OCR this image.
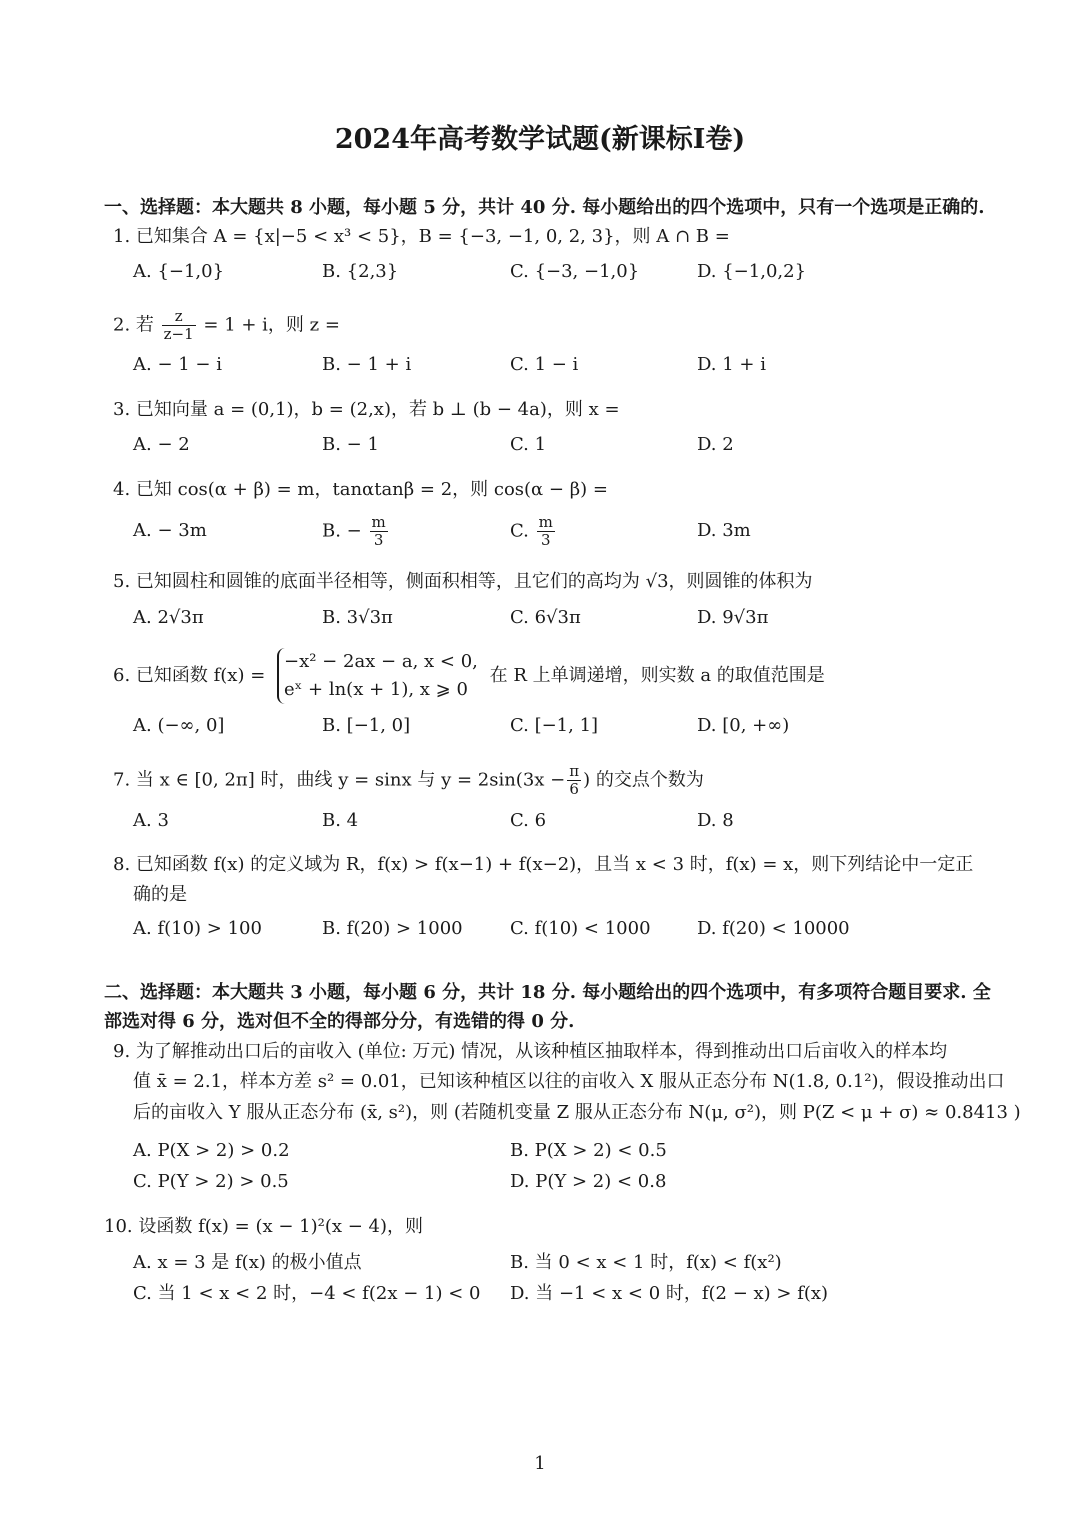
2024年高考数学试题(新课标I卷)
一、选择题：本大题共 8 小题，每小题 5 分，共计 40 分. 每小题给出的四个选项中，只有一个选项是正确的.
1. 已知集合 A = {x|−5 < x³ < 5}，B = {−3, −1, 0, 2, 3}，则 A ∩ B =
A. {−1,0}	B. {2,3}	C. {−3, −1,0}	D. {−1,0,2}
2. 若 $\frac{z}{z-1} = 1 + i$，则 z =
A. − 1 − i	B. − 1 + i	C. 1 − i	D. 1 + i
3. 已知向量 a = (0,1)，b = (2,x)，若 b ⊥ (b − 4a)，则 x =
A. − 2	B. − 1	C. 1	D. 2
4. 已知 cos(α + β) = m，tanαtanβ = 2，则 cos(α − β) =
A. − 3m	B. − $\frac{m}{3}$	C. $\frac{m}{3}$	D. 3m
5. 已知圆柱和圆锥的底面半径相等，侧面积相等，且它们的高均为 √3，则圆锥的体积为
A. 2√3π	B. 3√3π	C. 6√3π	D. 9√3π
6. 已知函数 f(x) =
−x² − 2ax − a, x < 0,
eˣ + ln(x + 1), x ⩾ 0
在 R 上单调递增，则实数 a 的取值范围是
A. (−∞, 0]	B. [−1, 0]	C. [−1, 1]	D. [0, +∞)
7. 当 x ∈ [0, 2π] 时，曲线 y = sinx 与 $y = 2\sin(3x - \frac{\pi}{6}$ ) 的交点个数为
A. 3	B. 4	C. 6	D. 8
8. 已知函数 f(x) 的定义域为 R，f(x) > f(x−1) + f(x−2)，且当 x < 3 时，f(x) = x，则下列结论中一定正
确的是
A. f(10) > 100	B. f(20) > 1000	C. f(10) < 1000	D. f(20) < 10000
二、选择题：本大题共 3 小题，每小题 6 分，共计 18 分. 每小题给出的四个选项中，有多项符合题目要求. 全
部选对得 6 分，选对但不全的得部分分，有选错的得 0 分.
9. 为了解推动出口后的亩收入 (单位: 万元) 情况，从该种植区抽取样本，得到推动出口后亩收入的样本均
值 x̄ = 2.1，样本方差 s² = 0.01，已知该种植区以往的亩收入 X 服从正态分布 N(1.8, 0.1²)，假设推动出口
后的亩收入 Y 服从正态分布 (x̄, s²)，则 (若随机变量 Z 服从正态分布 N(μ, σ²)，则 P(Z < μ + σ) ≈ 0.8413 )
A. P(X > 2) > 0.2	B. P(X > 2) < 0.5
C. P(Y > 2) > 0.5	D. P(Y > 2) < 0.8
10. 设函数 f(x) = (x − 1)²(x − 4)，则
A. x = 3 是 f(x) 的极小值点	B. 当 0 < x < 1 时，f(x) < f(x²)
C. 当 1 < x < 2 时，−4 < f(2x − 1) < 0 D. 当 −1 < x < 0 时，f(2 − x) > f(x)
1
